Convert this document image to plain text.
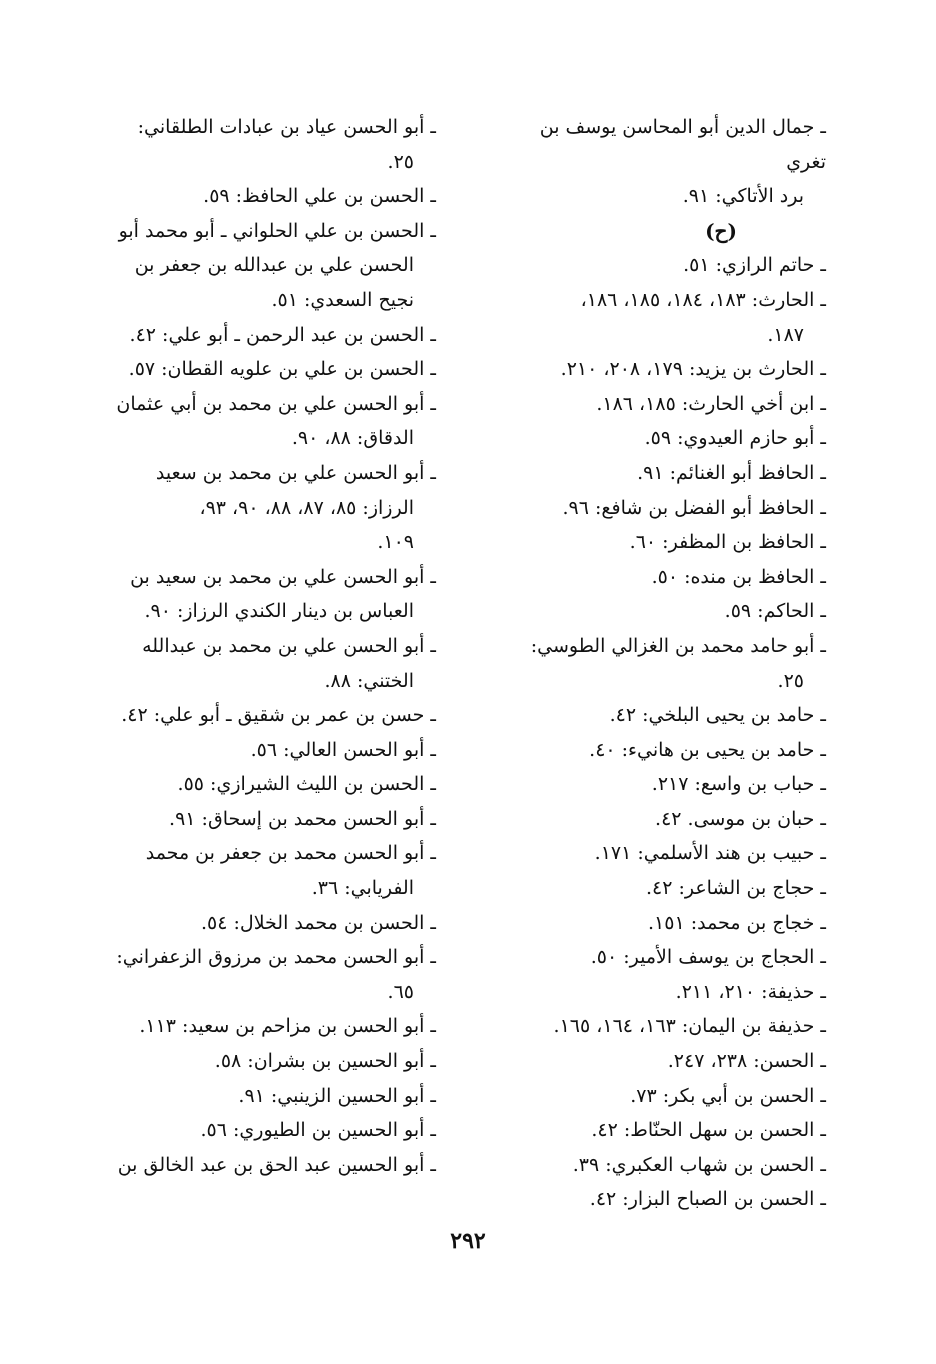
ـ جمال الدين أبو المحاسن يوسف بن تغري
برد الأتاكي: ٩١.
(ح)
ـ حاتم الرازي: ٥١.
ـ الحارث: ١٨٣، ١٨٤، ١٨٥، ١٨٦،
١٨٧.
ـ الحارث بن يزيد: ١٧٩، ٢٠٨، ٢١٠.
ـ ابن أخي الحارث: ١٨٥، ١٨٦.
ـ أبو حازم العيدوي: ٥٩.
ـ الحافظ أبو الغنائم: ٩١.
ـ الحافظ أبو الفضل بن شافع: ٩٦.
ـ الحافظ بن المظفر: ٦٠.
ـ الحافظ بن منده: ٥٠.
ـ الحاكم: ٥٩.
ـ أبو حامد محمد بن الغزالي الطوسي:
٢٥.
ـ حامد بن يحيى البلخي: ٤٢.
ـ حامد بن يحيى بن هانيء: ٤٠.
ـ حباب بن واسع: ٢١٧.
ـ حبان بن موسى. ٤٢.
ـ حبيب بن هند الأسلمي: ١٧١.
ـ حجاج بن الشاعر: ٤٢.
ـ خجاج بن محمد: ١٥١.
ـ الحجاج بن يوسف الأمير: ٥٠.
ـ حذيفة: ٢١٠، ٢١١.
ـ حذيفة بن اليمان: ١٦٣، ١٦٤، ١٦٥.
ـ الحسن: ٢٣٨، ٢٤٧.
ـ الحسن بن أبي بكر: ٧٣.
ـ الحسن بن سهل الحنّاط: ٤٢.
ـ الحسن بن شهاب العكبري: ٣٩.
ـ الحسن بن الصباح البزار: ٤٢.
ـ أبو الحسن عياد بن عبادات الطلقاني:
٢٥.
ـ الحسن بن علي الحافظ: ٥٩.
ـ الحسن بن علي الحلواني ـ أبو محمد أبو
الحسن علي بن عبدالله بن جعفر بن
نجيح السعدي: ٥١.
ـ الحسن بن عبد الرحمن ـ أبو علي: ٤٢.
ـ الحسن بن علي بن علويه القطان: ٥٧.
ـ أبو الحسن علي بن محمد بن أبي عثمان
الدقاق: ٨٨، ٩٠.
ـ أبو الحسن علي بن محمد بن سعيد
الرزاز: ٨٥، ٨٧، ٨٨، ٩٠، ٩٣،
١٠٩.
ـ أبو الحسن علي بن محمد بن سعيد بن
العباس بن دينار الكندي الرزاز: ٩٠.
ـ أبو الحسن علي بن محمد بن عبدالله
الختني: ٨٨.
ـ حسن بن عمر بن شقيق ـ أبو علي: ٤٢.
ـ أبو الحسن العالي: ٥٦.
ـ الحسن بن الليث الشيرازي: ٥٥.
ـ أبو الحسن محمد بن إسحاق: ٩١.
ـ أبو الحسن محمد بن جعفر بن محمد
الفريابي: ٣٦.
ـ الحسن بن محمد الخلال: ٥٤.
ـ أبو الحسن محمد بن مرزوق الزعفراني:
٦٥.
ـ أبو الحسن بن مزاحم بن سعيد: ١١٣.
ـ أبو الحسين بن بشران: ٥٨.
ـ أبو الحسين الزينبي: ٩١.
ـ أبو الحسين بن الطيوري: ٥٦.
ـ أبو الحسين عبد الحق بن عبد الخالق بن
٢٩٢
